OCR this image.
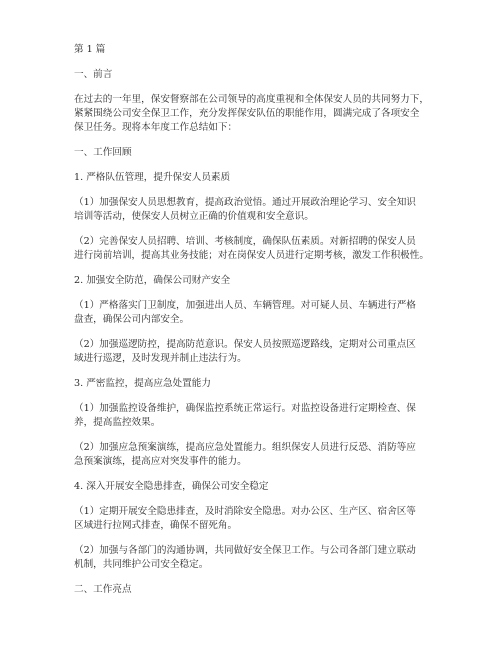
第 1 篇
一、前言
在过去的一年里，保安督察部在公司领导的高度重视和全体保安人员的共同努力下，
紧紧围绕公司安全保卫工作，充分发挥保安队伍的职能作用，圆满完成了各项安全
保卫任务。现将本年度工作总结如下：
一、工作回顾
1. 严格队伍管理，提升保安人员素质
（1）加强保安人员思想教育，提高政治觉悟。通过开展政治理论学习、安全知识
培训等活动，使保安人员树立正确的价值观和安全意识。
（2）完善保安人员招聘、培训、考核制度，确保队伍素质。对新招聘的保安人员
进行岗前培训，提高其业务技能；对在岗保安人员进行定期考核，激发工作积极性。
2. 加强安全防范，确保公司财产安全
（1）严格落实门卫制度，加强进出人员、车辆管理。对可疑人员、车辆进行严格
盘查，确保公司内部安全。
（2）加强巡逻防控，提高防范意识。保安人员按照巡逻路线，定期对公司重点区
域进行巡逻，及时发现并制止违法行为。
3. 严密监控，提高应急处置能力
（1）加强监控设备维护，确保监控系统正常运行。对监控设备进行定期检查、保
养，提高监控效果。
（2）加强应急预案演练，提高应急处置能力。组织保安人员进行反恐、消防等应
急预案演练，提高应对突发事件的能力。
4. 深入开展安全隐患排查，确保公司安全稳定
（1）定期开展安全隐患排查，及时消除安全隐患。对办公区、生产区、宿舍区等
区域进行拉网式排查，确保不留死角。
（2）加强与各部门的沟通协调，共同做好安全保卫工作。与公司各部门建立联动
机制，共同维护公司安全稳定。
二、工作亮点
